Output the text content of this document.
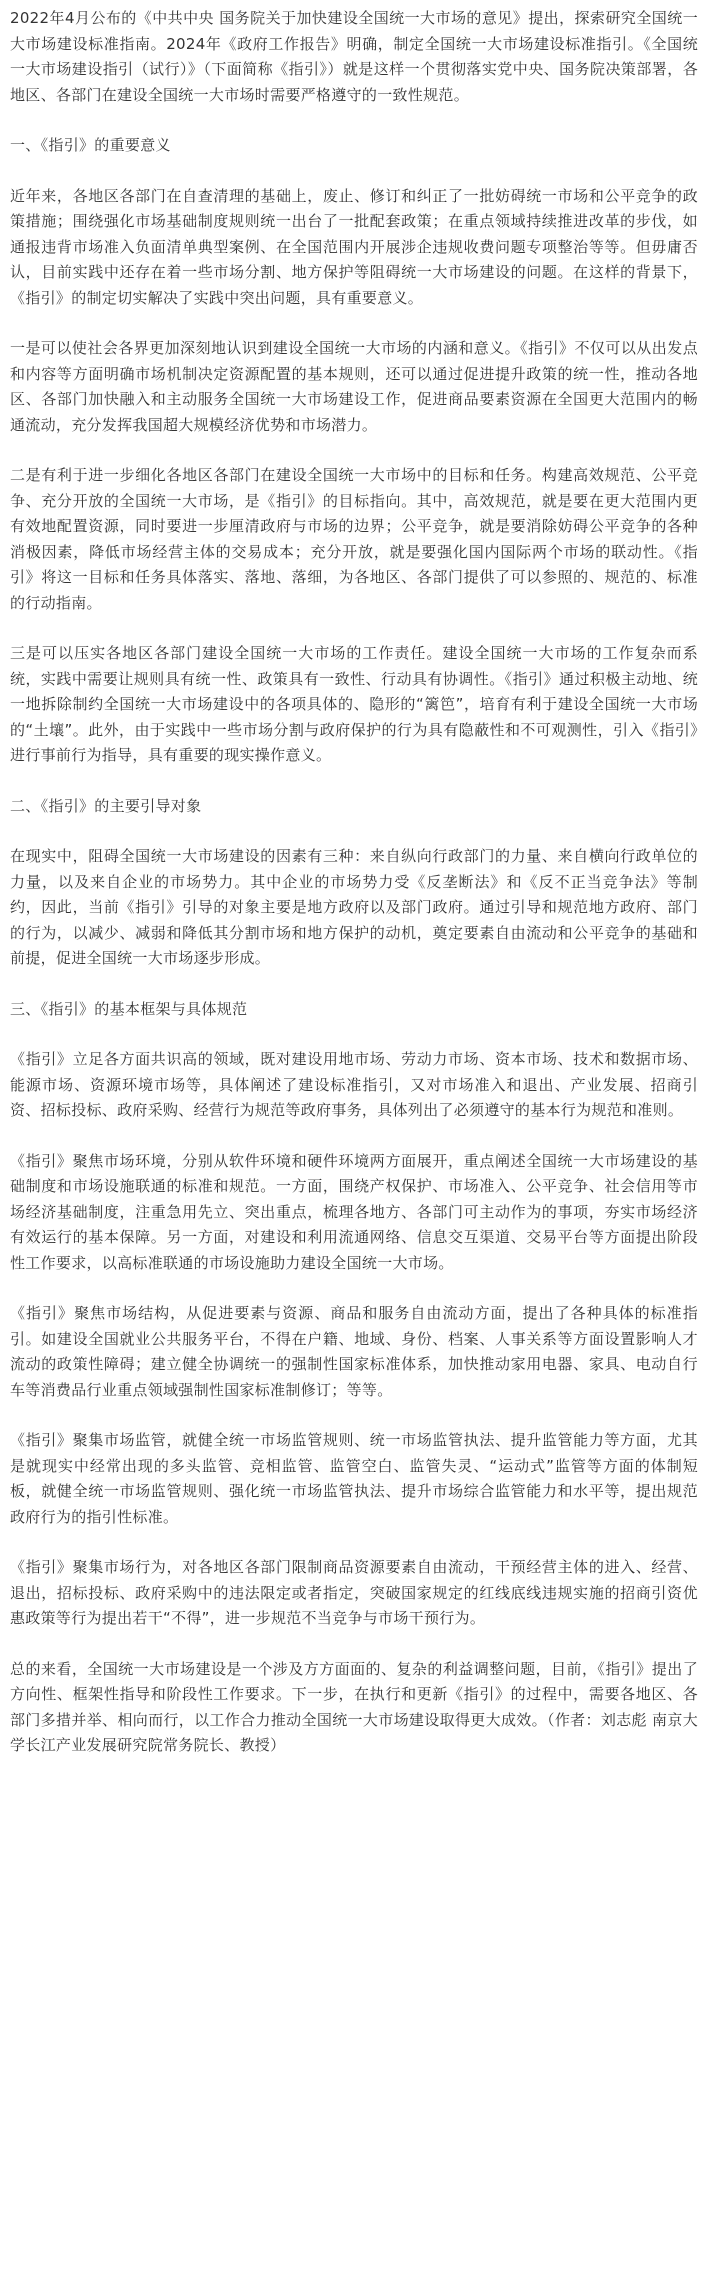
2022年4月公布的《中共中央 国务院关于加快建设全国统一大市场的意见》提出，探索研究全国统一大市场建设标准指南。2024年《政府工作报告》明确，制定全国统一大市场建设标准指引。《全国统一大市场建设指引（试行）》（下面简称《指引》）就是这样一个贯彻落实党中央、国务院决策部署，各地区、各部门在建设全国统一大市场时需要严格遵守的一致性规范。

一、《指引》的重要意义

近年来，各地区各部门在自查清理的基础上，废止、修订和纠正了一批妨碍统一市场和公平竞争的政策措施；围绕强化市场基础制度规则统一出台了一批配套政策；在重点领域持续推进改革的步伐，如通报违背市场准入负面清单典型案例、在全国范围内开展涉企违规收费问题专项整治等等。但毋庸否认，目前实践中还存在着一些市场分割、地方保护等阻碍统一大市场建设的问题。在这样的背景下，《指引》的制定切实解决了实践中突出问题，具有重要意义。

一是可以使社会各界更加深刻地认识到建设全国统一大市场的内涵和意义。《指引》不仅可以从出发点和内容等方面明确市场机制决定资源配置的基本规则，还可以通过促进提升政策的统一性，推动各地区、各部门加快融入和主动服务全国统一大市场建设工作，促进商品要素资源在全国更大范围内的畅通流动，充分发挥我国超大规模经济优势和市场潜力。

二是有利于进一步细化各地区各部门在建设全国统一大市场中的目标和任务。构建高效规范、公平竞争、充分开放的全国统一大市场，是《指引》的目标指向。其中，高效规范，就是要在更大范围内更有效地配置资源，同时要进一步厘清政府与市场的边界；公平竞争，就是要消除妨碍公平竞争的各种消极因素，降低市场经营主体的交易成本；充分开放，就是要强化国内国际两个市场的联动性。《指引》将这一目标和任务具体落实、落地、落细，为各地区、各部门提供了可以参照的、规范的、标准的行动指南。

三是可以压实各地区各部门建设全国统一大市场的工作责任。建设全国统一大市场的工作复杂而系统，实践中需要让规则具有统一性、政策具有一致性、行动具有协调性。《指引》通过积极主动地、统一地拆除制约全国统一大市场建设中的各项具体的、隐形的“篱笆”，培育有利于建设全国统一大市场的“土壤”。此外，由于实践中一些市场分割与政府保护的行为具有隐蔽性和不可观测性，引入《指引》进行事前行为指导，具有重要的现实操作意义。

二、《指引》的主要引导对象

在现实中，阻碍全国统一大市场建设的因素有三种：来自纵向行政部门的力量、来自横向行政单位的力量，以及来自企业的市场势力。其中企业的市场势力受《反垄断法》和《反不正当竞争法》等制约，因此，当前《指引》引导的对象主要是地方政府以及部门政府。通过引导和规范地方政府、部门的行为，以减少、减弱和降低其分割市场和地方保护的动机，奠定要素自由流动和公平竞争的基础和前提，促进全国统一大市场逐步形成。

三、《指引》的基本框架与具体规范

《指引》立足各方面共识高的领域，既对建设用地市场、劳动力市场、资本市场、技术和数据市场、能源市场、资源环境市场等，具体阐述了建设标准指引，又对市场准入和退出、产业发展、招商引资、招标投标、政府采购、经营行为规范等政府事务，具体列出了必须遵守的基本行为规范和准则。

《指引》聚焦市场环境，分别从软件环境和硬件环境两方面展开，重点阐述全国统一大市场建设的基础制度和市场设施联通的标准和规范。一方面，围绕产权保护、市场准入、公平竞争、社会信用等市场经济基础制度，注重急用先立、突出重点，梳理各地方、各部门可主动作为的事项，夯实市场经济有效运行的基本保障。另一方面，对建设和利用流通网络、信息交互渠道、交易平台等方面提出阶段性工作要求，以高标准联通的市场设施助力建设全国统一大市场。

《指引》聚焦市场结构，从促进要素与资源、商品和服务自由流动方面，提出了各种具体的标准指引。如建设全国就业公共服务平台，不得在户籍、地域、身份、档案、人事关系等方面设置影响人才流动的政策性障碍；建立健全协调统一的强制性国家标准体系，加快推动家用电器、家具、电动自行车等消费品行业重点领域强制性国家标准制修订；等等。

《指引》聚集市场监管，就健全统一市场监管规则、统一市场监管执法、提升监管能力等方面，尤其是就现实中经常出现的多头监管、竞相监管、监管空白、监管失灵、“运动式”监管等方面的体制短板，就健全统一市场监管规则、强化统一市场监管执法、提升市场综合监管能力和水平等，提出规范政府行为的指引性标准。

《指引》聚集市场行为，对各地区各部门限制商品资源要素自由流动，干预经营主体的进入、经营、退出，招标投标、政府采购中的违法限定或者指定，突破国家规定的红线底线违规实施的招商引资优惠政策等行为提出若干“不得”，进一步规范不当竞争与市场干预行为。

总的来看，全国统一大市场建设是一个涉及方方面面的、复杂的利益调整问题，目前，《指引》提出了方向性、框架性指导和阶段性工作要求。下一步，在执行和更新《指引》的过程中，需要各地区、各部门多措并举、相向而行，以工作合力推动全国统一大市场建设取得更大成效。（作者：刘志彪 南京大学长江产业发展研究院常务院长、教授）
